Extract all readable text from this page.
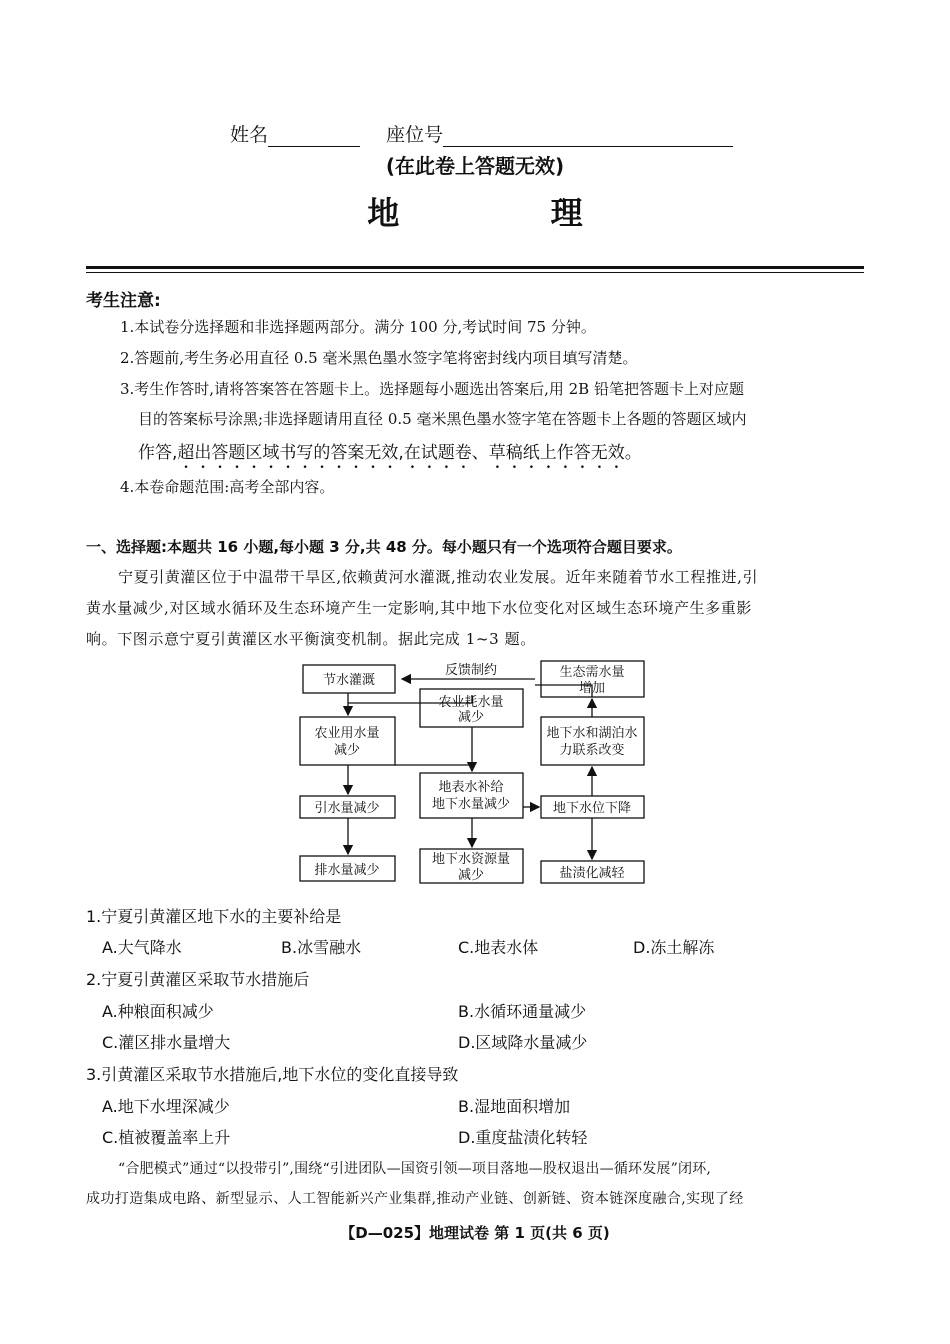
姓名	座位号
(在此卷上答题无效)
地 理
考生注意:
1.本试卷分选择题和非选择题两部分。满分 100 分,考试时间 75 分钟。
2.答题前,考生务必用直径 0.5 毫米黑色墨水签字笔将密封线内项目填写清楚。
3.考生作答时,请将答案答在答题卡上。选择题每小题选出答案后,用 2B 铅笔把答题卡上对应题
目的答案标号涂黑;非选择题请用直径 0.5 毫米黑色墨水签字笔在答题卡上各题的答题区域内
作答,超出答题区域书写的答案无效,在试题卷、草稿纸上作答无效。
4.本卷命题范围:高考全部内容。
一、选择题:本题共 16 小题,每小题 3 分,共 48 分。每小题只有一个选项符合题目要求。
宁夏引黄灌区位于中温带干旱区,依赖黄河水灌溉,推动农业发展。近年来随着节水工程推进,引
黄水量减少,对区域水循环及生态环境产生一定影响,其中地下水位变化对区域生态环境产生多重影
响。下图示意宁夏引黄灌区水平衡演变机制。据此完成 1~3 题。
节水灌溉
反馈制约	生态需水量
增加
农业耗水量
减少
农业用水量
减少
地下水和湖泊水
力联系改变
地表水补给
地下水量减少
引水量减少	地下水位下降
排水量减少
地下水资源量
减少	盐渍化减轻
1.宁夏引黄灌区地下水的主要补给是
A.大气降水	B.冰雪融水	C.地表水体	D.冻土解冻
2.宁夏引黄灌区采取节水措施后
A.种粮面积减少	B.水循环通量减少
C.灌区排水量增大	D.区域降水量减少
3.引黄灌区采取节水措施后,地下水位的变化直接导致
A.地下水埋深减少	B.湿地面积增加
C.植被覆盖率上升	D.重度盐渍化转轻
“合肥模式”通过“以投带引”,围绕“引进团队—国资引领—项目落地—股权退出—循环发展”闭环,
成功打造集成电路、新型显示、人工智能新兴产业集群,推动产业链、创新链、资本链深度融合,实现了经
【D—025】地理试卷 第 1 页(共 6 页)
